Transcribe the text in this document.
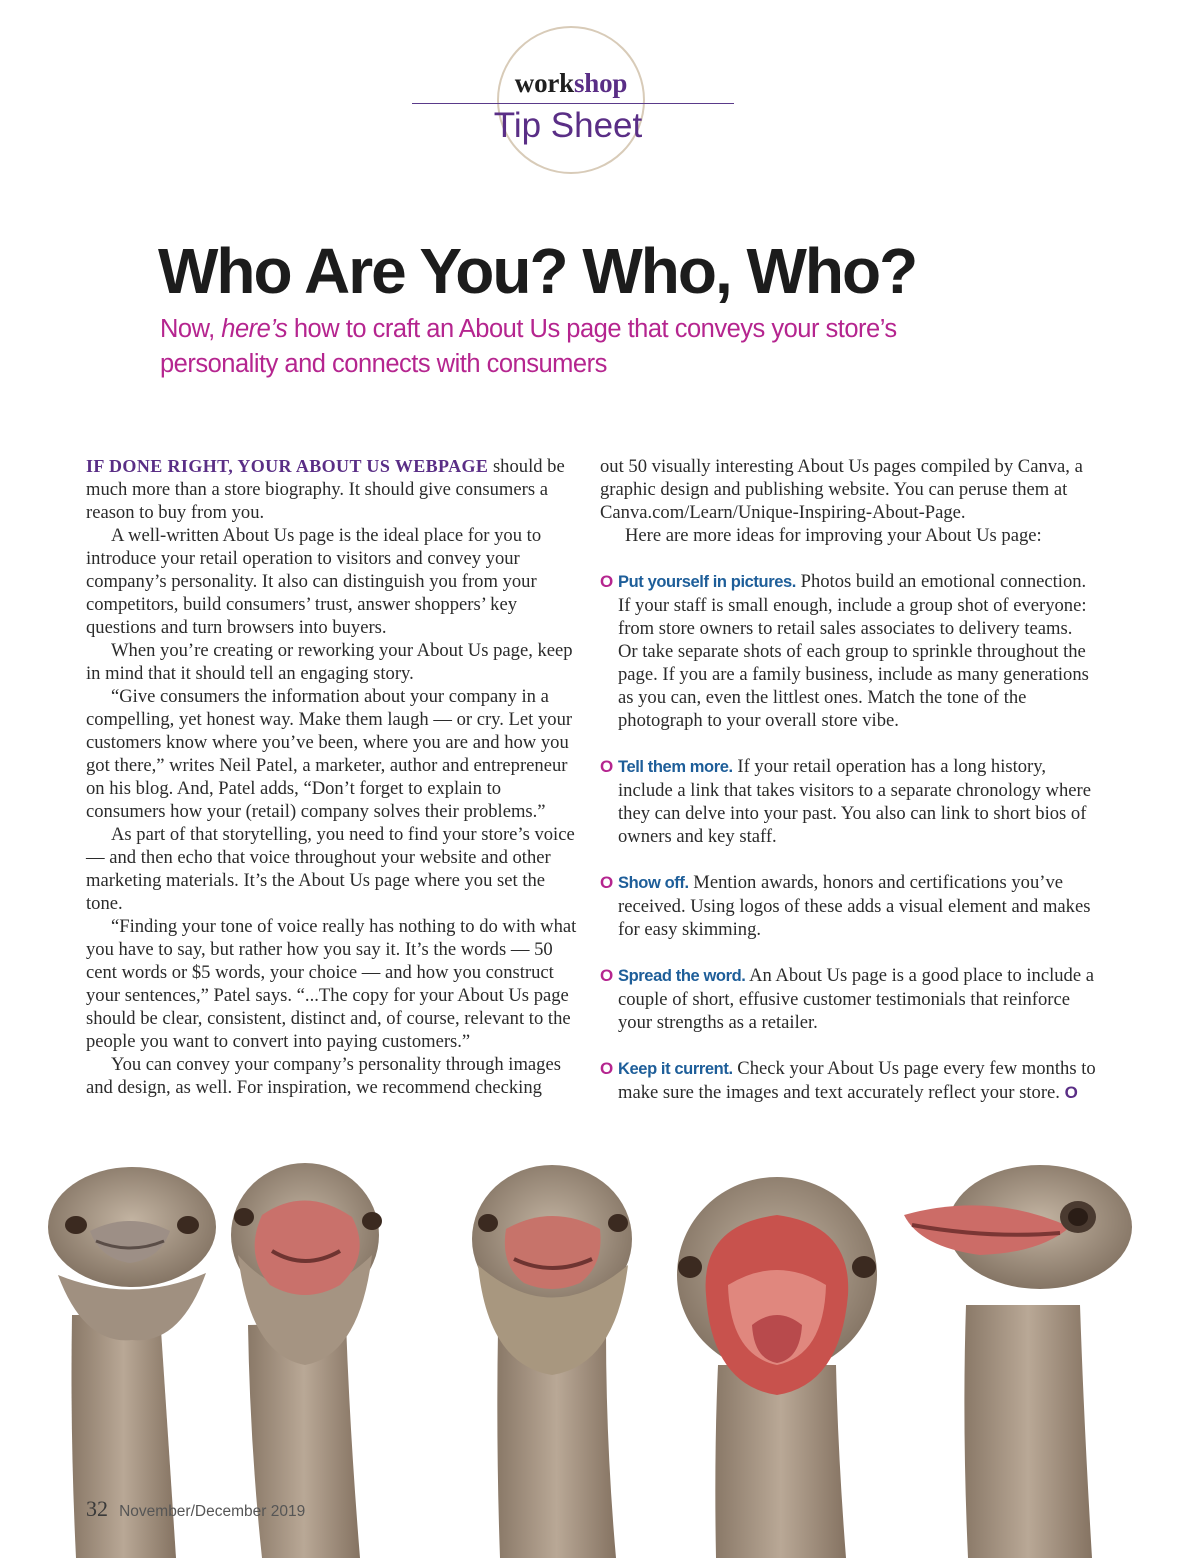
workshop
Tip Sheet
Who Are You? Who, Who?
Now, here’s how to craft an About Us page that conveys your store’s personality and connects with consumers

IF DONE RIGHT, YOUR ABOUT US WEBPAGE should be much more than a store biography. It should give consumers a reason to buy from you.

A well-written About Us page is the ideal place for you to introduce your retail operation to visitors and convey your company’s personality. It also can distinguish you from your competitors, build consumers’ trust, answer shoppers’ key questions and turn browsers into buyers.

When you’re creating or reworking your About Us page, keep in mind that it should tell an engaging story.

“Give consumers the information about your company in a compelling, yet honest way. Make them laugh — or cry. Let your customers know where you’ve been, where you are and how you got there,” writes Neil Patel, a marketer, author and entrepreneur on his blog. And, Patel adds, “Don’t forget to explain to consumers how your (retail) company solves their problems.”

As part of that storytelling, you need to find your store’s voice — and then echo that voice throughout your website and other marketing materials. It’s the About Us page where you set the tone.

“Finding your tone of voice really has nothing to do with what you have to say, but rather how you say it. It’s the words — 50 cent words or $5 words, your choice — and how you construct your sentences,” Patel says. “...The copy for your About Us page should be clear, consistent, distinct and, of course, relevant to the people you want to convert into paying customers.”

You can convey your company’s personality through images and design, as well. For inspiration, we recommend checking

out 50 visually interesting About Us pages compiled by Canva, a graphic design and publishing website. You can peruse them at Canva.com/Learn/Unique-Inspiring-About-Page.

Here are more ideas for improving your About Us page:

O Put yourself in pictures. Photos build an emotional connection. If your staff is small enough, include a group shot of everyone: from store owners to retail sales associates to delivery teams. Or take separate shots of each group to sprinkle throughout the page. If you are a family business, include as many generations as you can, even the littlest ones. Match the tone of the photograph to your overall store vibe.
O Tell them more. If your retail operation has a long history, include a link that takes visitors to a separate chronology where they can delve into your past. You also can link to short bios of owners and key staff.
O Show off. Mention awards, honors and certifications you’ve received. Using logos of these adds a visual element and makes for easy skimming.
O Spread the word. An About Us page is a good place to include a couple of short, effusive customer testimonials that reinforce your strengths as a retailer.
O Keep it current. Check your About Us page every few months to make sure the images and text accurately reflect your store. O
32 November/December 2019
